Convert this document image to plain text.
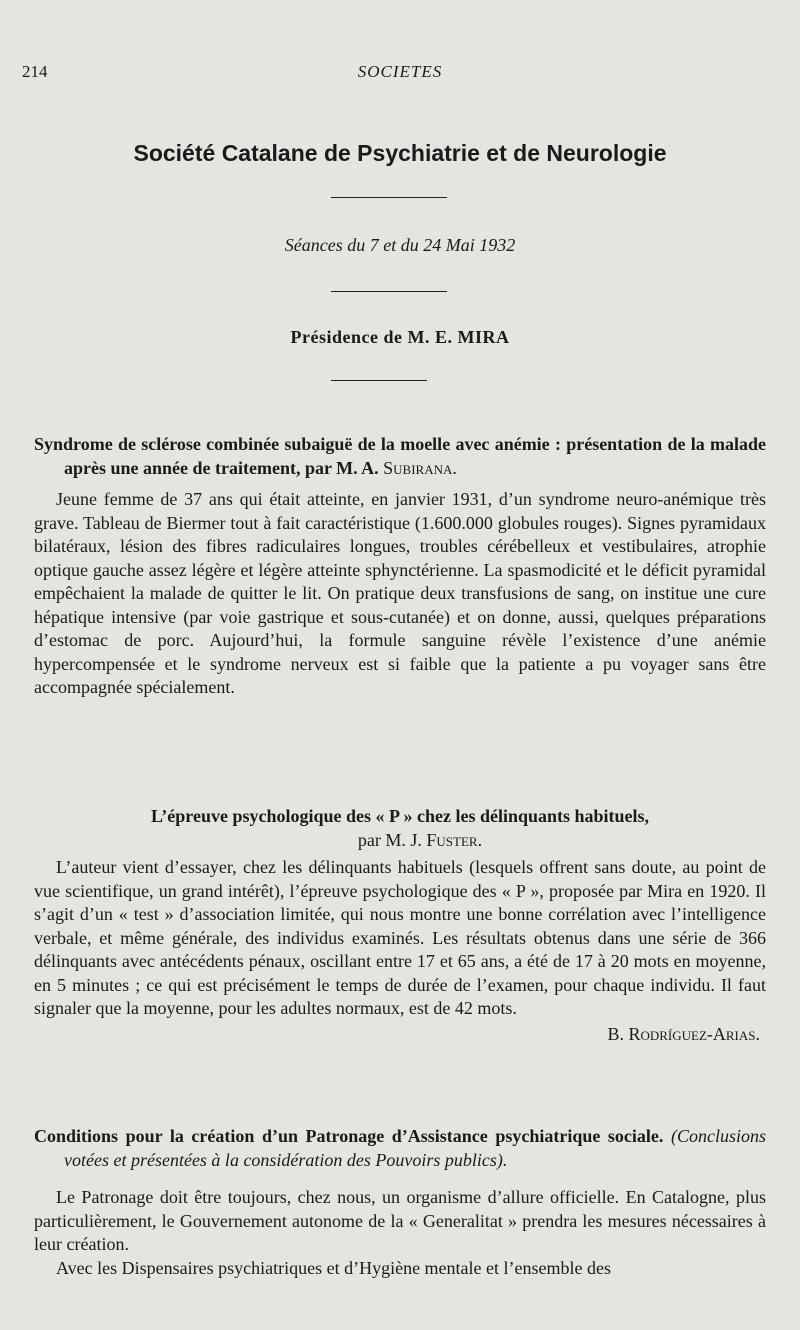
214	SOCIETES
Société Catalane de Psychiatrie et de Neurologie
Séances du 7 et du 24 Mai 1932
Présidence de M. E. MIRA

Syndrome de sclérose combinée subaiguë de la moelle avec anémie : présentation de la malade après une année de traitement, par M. A. Subirana.

Jeune femme de 37 ans qui était atteinte, en janvier 1931, d’un syndrome neuro-anémique très grave. Tableau de Biermer tout à fait caractéristique (1.600.000 globules rouges). Signes pyramidaux bilatéraux, lésion des fibres radiculaires longues, troubles cérébelleux et vestibulaires, atrophie optique gauche assez légère et légère atteinte sphynctérienne. La spasmodicité et le déficit pyramidal empêchaient la malade de quitter le lit. On pratique deux transfusions de sang, on institue une cure hépatique intensive (par voie gastrique et sous-cutanée) et on donne, aussi, quelques préparations d’estomac de porc. Aujourd’hui, la formule sanguine révèle l’existence d’une anémie hypercompensée et le syndrome nerveux est si faible que la patiente a pu voyager sans être accompagnée spécialement.

L’épreuve psychologique des « P » chez les délinquants habituels,

par M. J. Fuster.

L’auteur vient d’essayer, chez les délinquants habituels (lesquels offrent sans doute, au point de vue scientifique, un grand intérêt), l’épreuve psychologique des « P », proposée par Mira en 1920. Il s’agit d’un « test » d’association limitée, qui nous montre une bonne corrélation avec l’intelligence verbale, et même générale, des individus examinés. Les résultats obtenus dans une série de 366 délinquants avec antécédents pénaux, oscillant entre 17 et 65 ans, a été de 17 à 20 mots en moyenne, en 5 minutes ; ce qui est précisément le temps de durée de l’examen, pour chaque individu. Il faut signaler que la moyenne, pour les adultes normaux, est de 42 mots.

B. Rodríguez-Arias.

Conditions pour la création d’un Patronage d’Assistance psychiatrique sociale. (Conclusions votées et présentées à la considération des Pouvoirs publics).

Le Patronage doit être toujours, chez nous, un organisme d’allure officielle. En Catalogne, plus particulièrement, le Gouvernement autonome de la « Generalitat » prendra les mesures nécessaires à leur création.

Avec les Dispensaires psychiatriques et d’Hygiène mentale et l’ensemble des
